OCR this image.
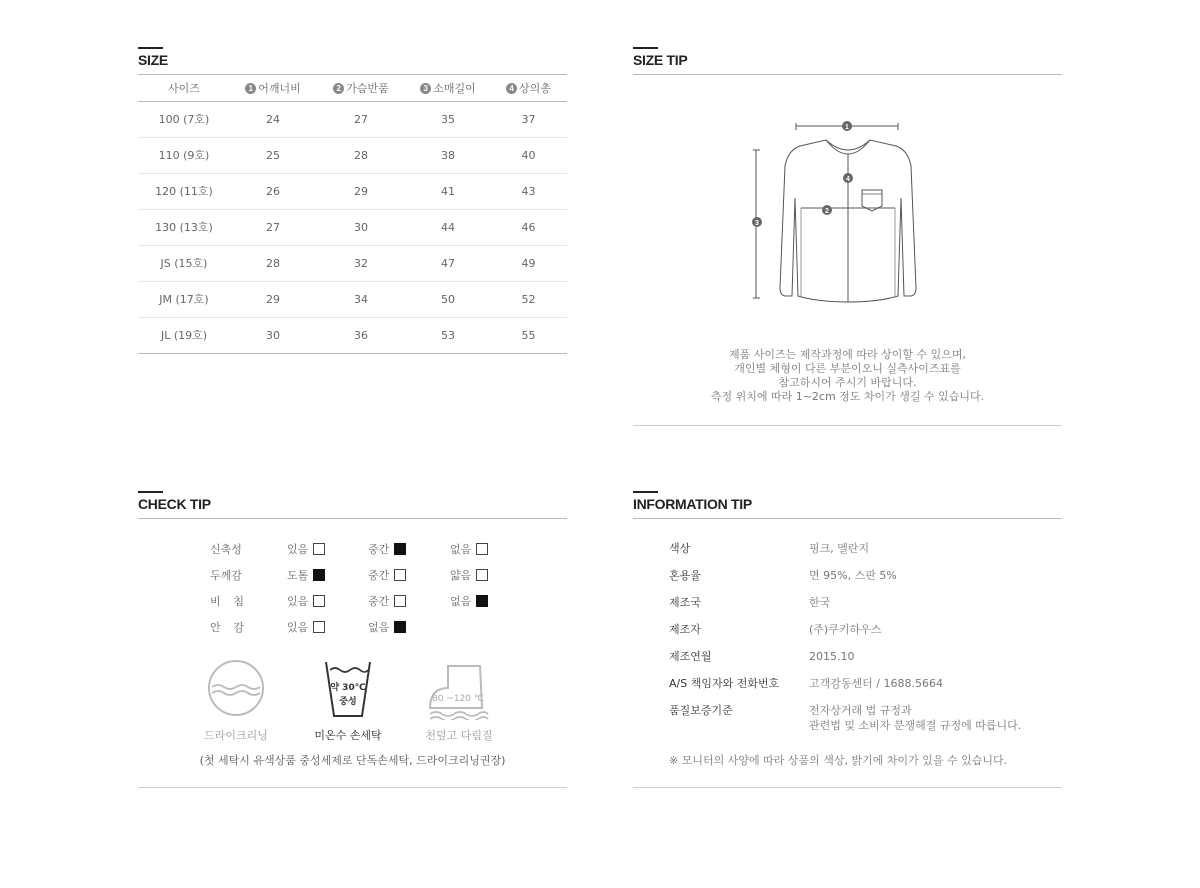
SIZE
사이즈	1 어깨너비	2 가슴반품	3 소매길이	4 상의총
100 (7호)	24	27	35	37
110 (9호)	25	28	38	40
120 (11호)	26	29	41	43
130 (13호)	27	30	44	46
JS (15호)	28	32	47	49
JM (17호)	29	34	50	52
JL (19호)	30	36	53	55
SIZE TIP
1
2
3
4
제품 사이즈는 제작과정에 따라 상이할 수 있으며,
개인별 체형이 다른 부분이오니 실측사이즈표를
참고하시어 주시기 바랍니다.
측정 위치에 따라 1~2cm 정도 차이가 생길 수 있습니다.
CHECK TIP
신축성	있음	중간	없음
두께감	도톰	중간	얇음
비 침	있음	중간	없음
안 감	있음	없음
드라이크리닝
약 30℃
중성
미온수 손세탁
80 ~120 ℃
천덮고 다림질
(첫 세탁시 유색상품 중성세제로 단독손세탁, 드라이크리닝권장)
INFORMATION TIP
색상	핑크, 멜란지
혼용율	면 95%, 스판 5%
제조국	한국
제조자	(주)쿠키하우스
제조연월	2015.10
A/S 책임자와 전화번호	고객감동센터 / 1688.5664
품질보증기준	전자상거래 법 규정과
관련법 및 소비자 분쟁해결 규정에 따릅니다.
※ 모니터의 사양에 따라 상품의 색상, 밝기에 차이가 있을 수 있습니다.
